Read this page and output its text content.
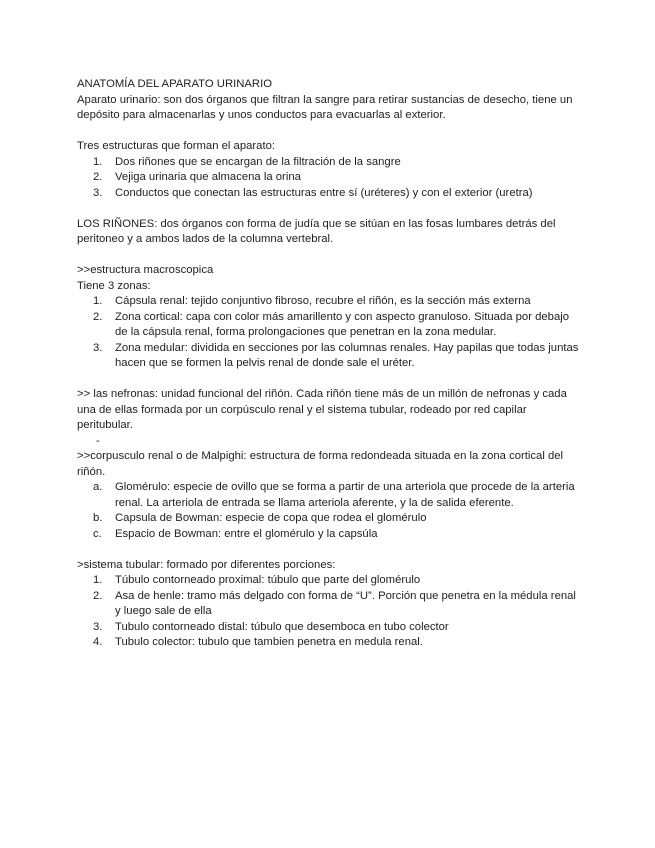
ANATOMÍA DEL APARATO URINARIO

Aparato urinario: son dos órganos que filtran la sangre para retirar sustancias de desecho, tiene un depósito para almacenarlas y unos conductos para evacuarlas al exterior.

Tres estructuras que forman el aparato:

1.	Dos riñones que se encargan de la filtración de la sangre
2.	Vejiga urinaria que almacena la orina
3.	Conductos que conectan las estructuras entre sí (uréteres) y con el exterior (uretra)

LOS RIÑONES: dos órganos con forma de judía que se sitúan en las fosas lumbares detrás del peritoneo y a ambos lados de la columna vertebral.

>>estructura macroscopica

Tiene 3 zonas:

1.	Cápsula renal: tejido conjuntivo fibroso, recubre el riñón, es la sección más externa
2.	Zona cortical: capa con color más amarillento y con aspecto granuloso. Situada por debajo de la cápsula renal, forma prolongaciones que penetran en la zona medular.
3.	Zona medular: dividida en secciones por las columnas renales. Hay papilas que todas juntas hacen que se formen la pelvis renal de donde sale el uréter.

>> las nefronas: unidad funcional del riñón. Cada riñón tiene más de un millón de nefronas y cada una de ellas formada por un corpúsculo renal y el sistema tubular, rodeado por red capilar peritubular.

-

>>corpusculo renal o de Malpighi: estructura de forma redondeada situada en la zona cortical del riñón.

a.	Glomérulo: especie de ovillo que se forma a partir de una arteriola que procede de la arteria renal. La arteriola de entrada se llama arteriola aferente, y la de salida eferente.
b.	Capsula de Bowman: especie de copa que rodea el glomérulo
c.	Espacio de Bowman: entre el glomérulo y la capsúla

>sistema tubular: formado por diferentes porciones:

1.	Túbulo contorneado proximal: túbulo que parte del glomérulo
2.	Asa de henle: tramo más delgado con forma de “U”. Porción que penetra en la médula renal y luego sale de ella
3.	Tubulo contorneado distal: túbulo que desemboca en tubo colector
4.	Tubulo colector: tubulo que tambien penetra en medula renal.
